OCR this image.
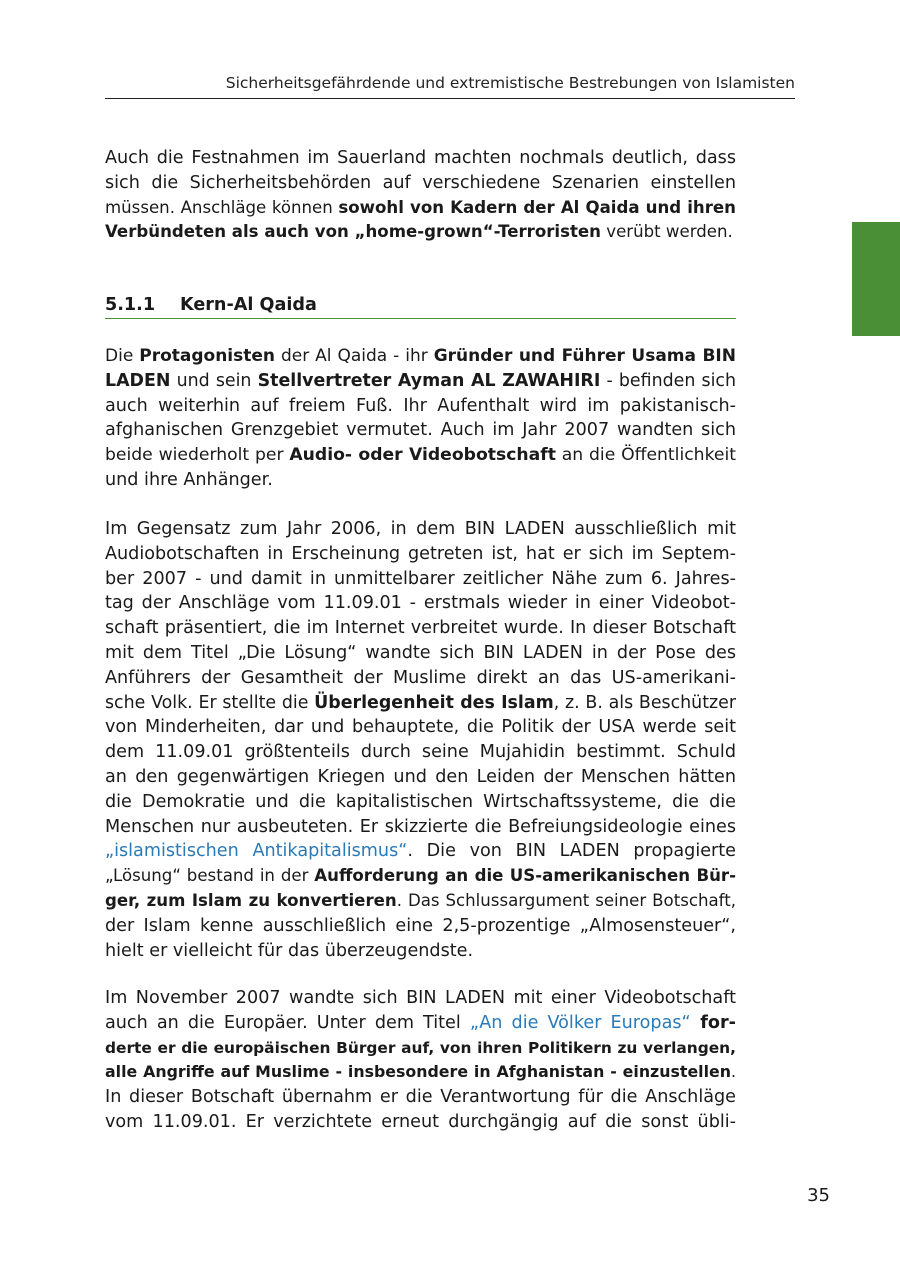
Sicherheitsgefährdende und extremistische Bestrebungen von Islamisten

Auch die Festnahmen im Sauerland machten nochmals deutlich, dass
sich die Sicherheitsbehörden auf verschiedene Szenarien einstellen
müssen. Anschläge können sowohl von Kadern der Al Qaida und ihren
Verbündeten als auch von „home-grown“-Terroristen verübt werden.

5.1.1 Kern-Al Qaida

Die Protagonisten der Al Qaida - ihr Gründer und Führer Usama BIN
LADEN und sein Stellvertreter Ayman AL ZAWAHIRI - befinden sich
auch weiterhin auf freiem Fuß. Ihr Aufenthalt wird im pakistanisch-
afghanischen Grenzgebiet vermutet. Auch im Jahr 2007 wandten sich
beide wiederholt per Audio- oder Videobotschaft an die Öffentlichkeit
und ihre Anhänger.

Im Gegensatz zum Jahr 2006, in dem BIN LADEN ausschließlich mit
Audiobotschaften in Erscheinung getreten ist, hat er sich im Septem-
ber 2007 - und damit in unmittelbarer zeitlicher Nähe zum 6. Jahres-
tag der Anschläge vom 11.09.01 - erstmals wieder in einer Videobot-
schaft präsentiert, die im Internet verbreitet wurde. In dieser Botschaft
mit dem Titel „Die Lösung“ wandte sich BIN LADEN in der Pose des
Anführers der Gesamtheit der Muslime direkt an das US-amerikani-
sche Volk. Er stellte die Überlegenheit des Islam, z. B. als Beschützer
von Minderheiten, dar und behauptete, die Politik der USA werde seit
dem 11.09.01 größtenteils durch seine Mujahidin bestimmt. Schuld
an den gegenwärtigen Kriegen und den Leiden der Menschen hätten
die Demokratie und die kapitalistischen Wirtschaftssysteme, die die
Menschen nur ausbeuteten. Er skizzierte die Befreiungsideologie eines
„islamistischen Antikapitalismus“. Die von BIN LADEN propagierte
„Lösung“ bestand in der Aufforderung an die US-amerikanischen Bür-
ger, zum Islam zu konvertieren. Das Schlussargument seiner Botschaft,
der Islam kenne ausschließlich eine 2,5-prozentige „Almosensteuer“,
hielt er vielleicht für das überzeugendste.

Im November 2007 wandte sich BIN LADEN mit einer Videobotschaft
auch an die Europäer. Unter dem Titel „An die Völker Europas“ for-
derte er die europäischen Bürger auf, von ihren Politikern zu verlangen,
alle Angriffe auf Muslime - insbesondere in Afghanistan - einzustellen.
In dieser Botschaft übernahm er die Verantwortung für die Anschläge
vom 11.09.01. Er verzichtete erneut durchgängig auf die sonst übli-

35
